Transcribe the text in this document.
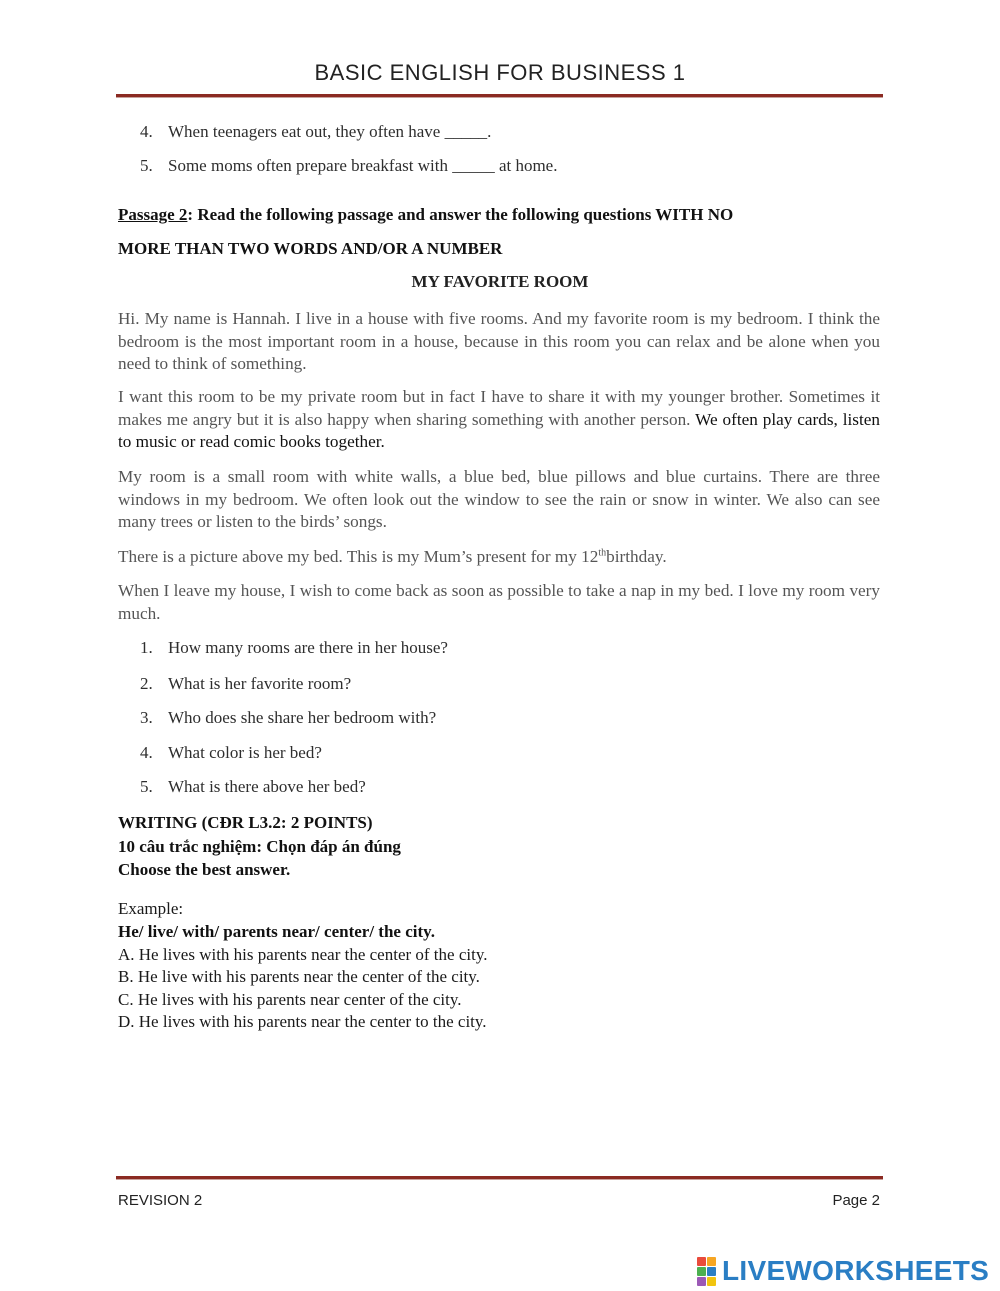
BASIC ENGLISH FOR BUSINESS 1
4. When teenagers eat out, they often have _____.
5. Some moms often prepare breakfast with _____ at home.
Passage 2: Read the following passage and answer the following questions WITH NO
MORE THAN TWO WORDS AND/OR A NUMBER
MY FAVORITE ROOM
Hi. My name is Hannah. I live in a house with five rooms. And my favorite room is my bedroom. I think the bedroom is the most important room in a house, because in this room you can relax and be alone when you need to think of something.
I want this room to be my private room but in fact I have to share it with my younger brother. Sometimes it makes me angry but it is also happy when sharing something with another person. We often play cards, listen to music or read comic books together.
My room is a small room with white walls, a blue bed, blue pillows and blue curtains. There are three windows in my bedroom. We often look out the window to see the rain or snow in winter. We also can see many trees or listen to the birds’ songs.
There is a picture above my bed. This is my Mum’s present for my 12thbirthday.
When I leave my house, I wish to come back as soon as possible to take a nap in my bed. I love my room very much.
1. How many rooms are there in her house?
2. What is her favorite room?
3. Who does she share her bedroom with?
4. What color is her bed?
5. What is there above her bed?
WRITING (CĐR L3.2: 2 POINTS)
10 câu trắc nghiệm: Chọn đáp án đúng
Choose the best answer.
Example:
He/ live/ with/ parents near/ center/ the city.
A. He lives with his parents near the center of the city.
B. He live with his parents near the center of the city.
C. He lives with his parents near center of the city.
D. He lives with his parents near the center to the city.
REVISION 2	Page 2
LIVEWORKSHEETS
